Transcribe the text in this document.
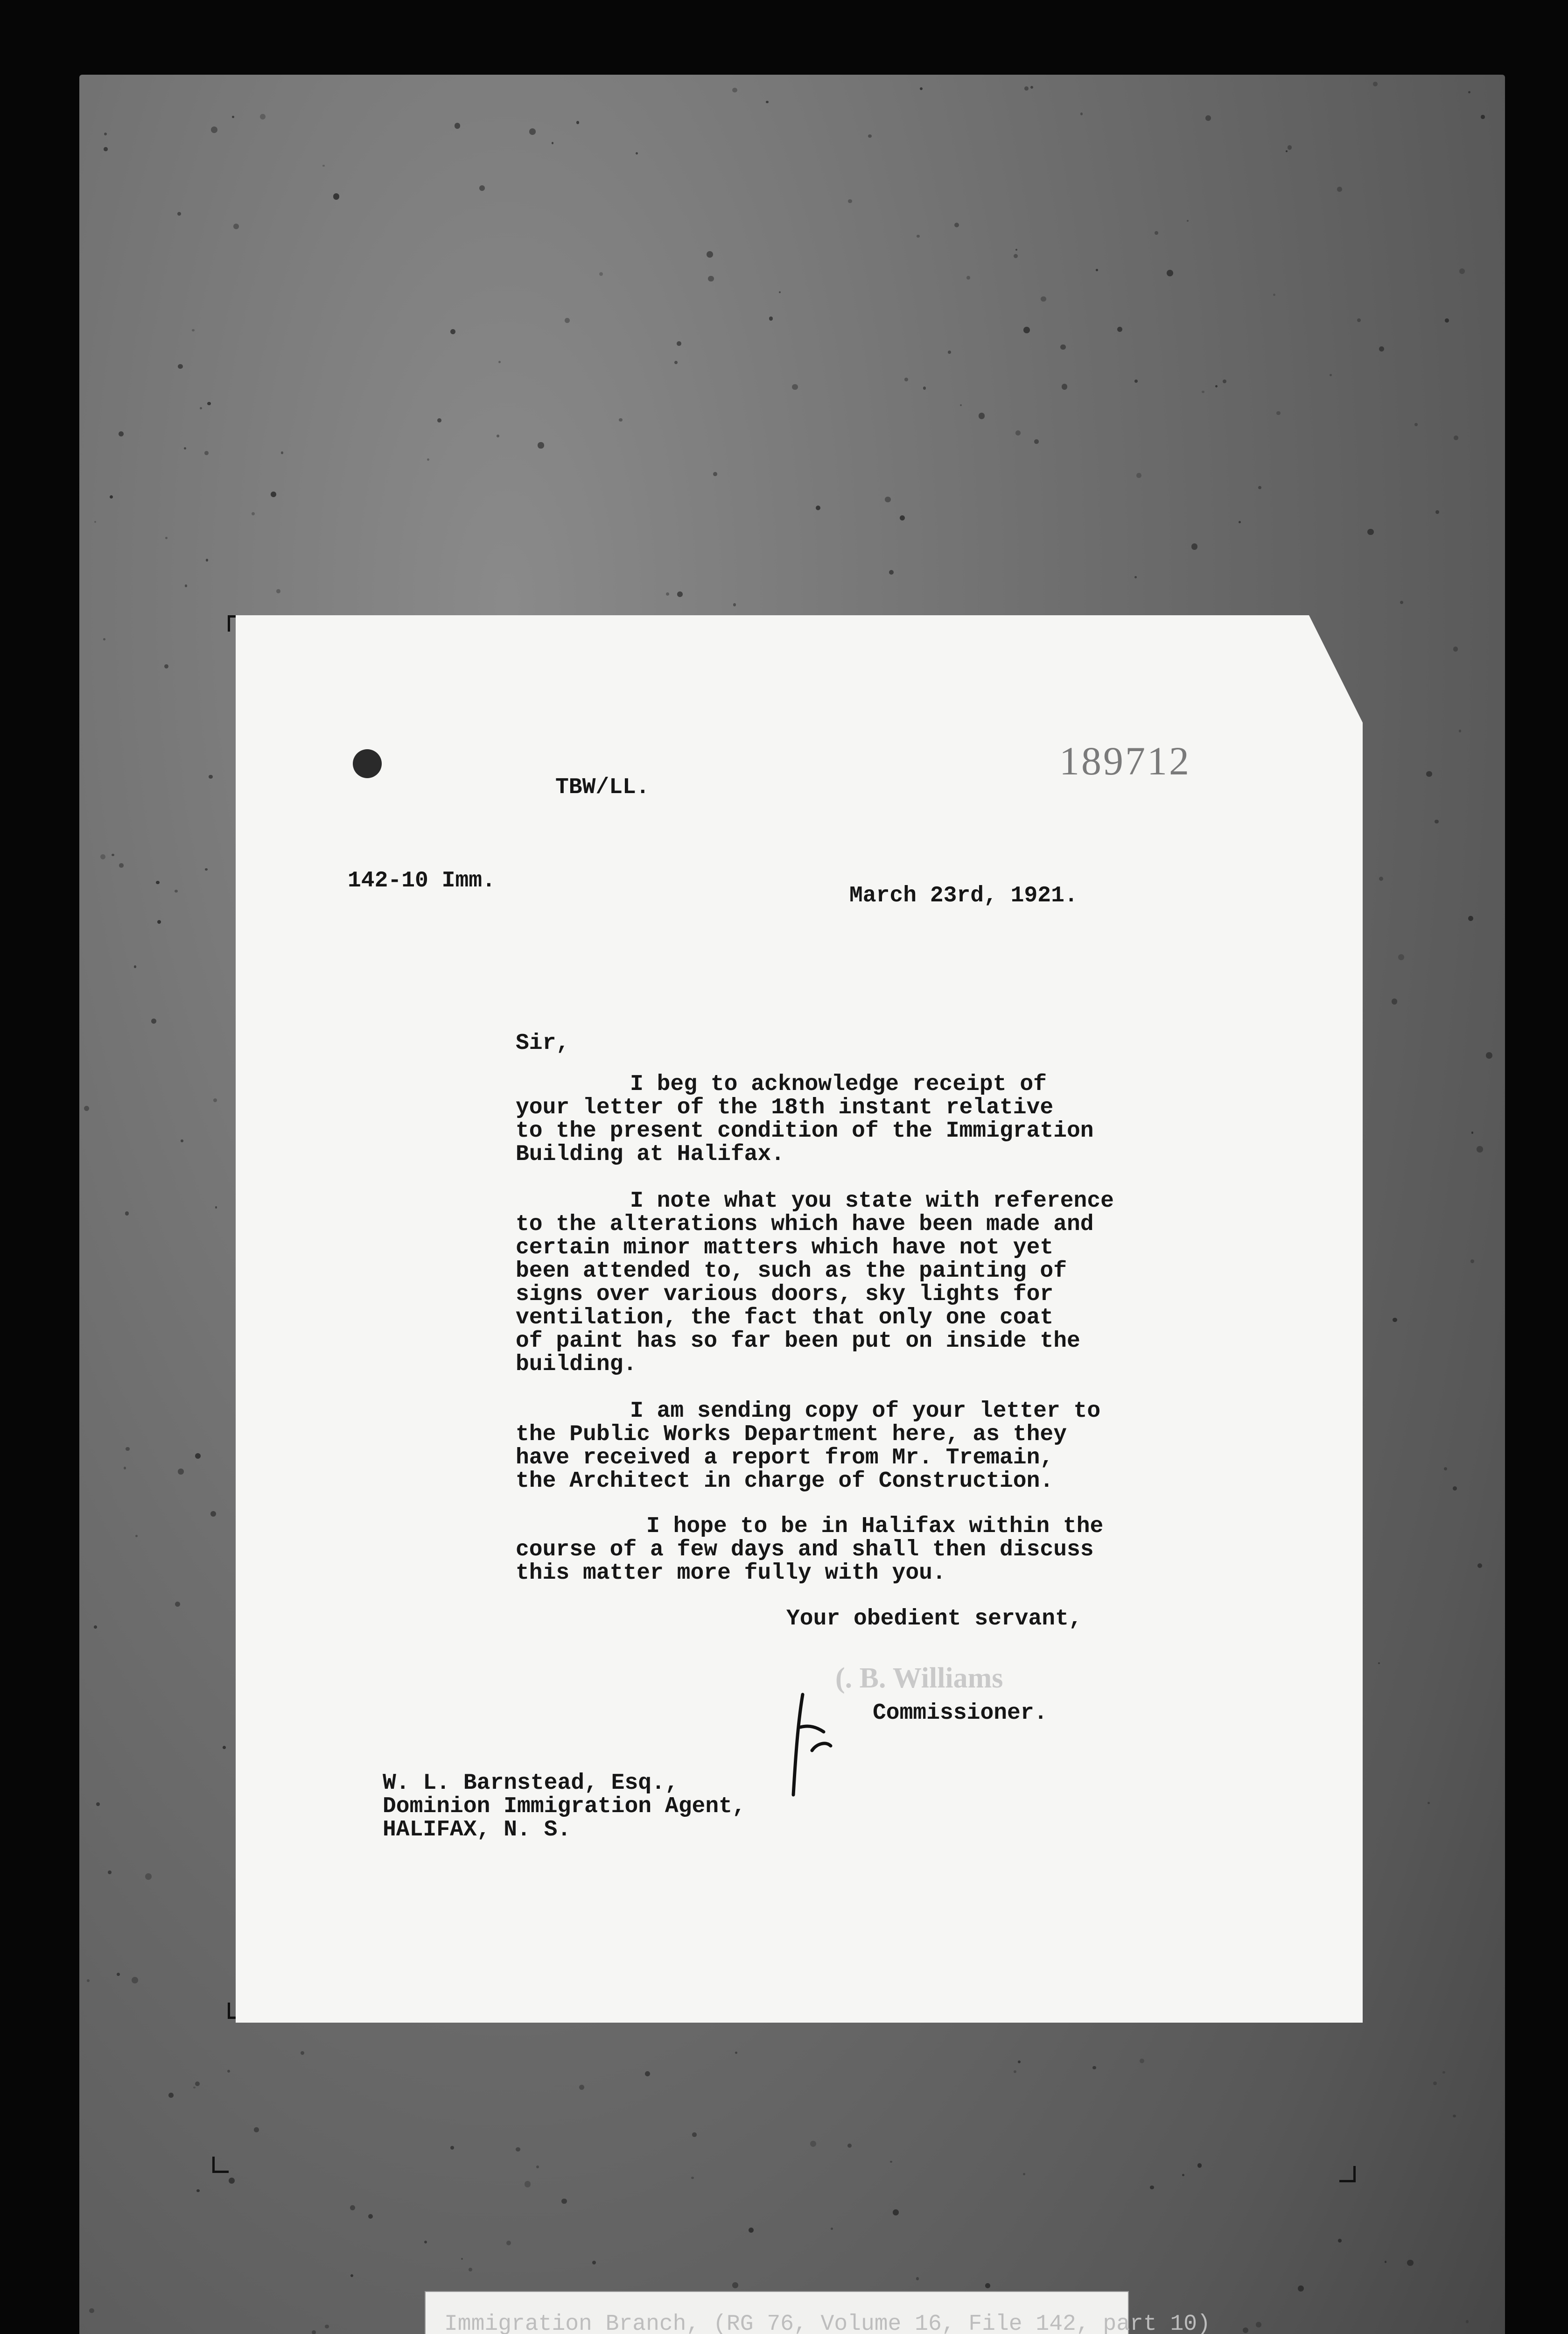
189712
TBW/LL.
142-10 Imm.
March 23rd, 1921.
Sir,
I beg to acknowledge receipt of
your letter of the 18th instant relative
to the present condition of the Immigration
Building at Halifax.
I note what you state with reference
to the alterations which have been made and
certain minor matters which have not yet
been attended to, such as the painting of
signs over various doors, sky lights for
ventilation, the fact that only one coat
of paint has so far been put on inside the
building.
I am sending copy of your letter to
the Public Works Department here, as they
have received a report from Mr. Tremain,
the Architect in charge of Construction.
I hope to be in Halifax within the
course of a few days and shall then discuss
this matter more fully with you.
Your obedient servant,
(. B. Williams
Commissioner.
W. L. Barnstead, Esq.,
Dominion Immigration Agent,
HALIFAX, N. S.
Immigration Branch, (RG 76, Volume 16, File 142, part 10)
